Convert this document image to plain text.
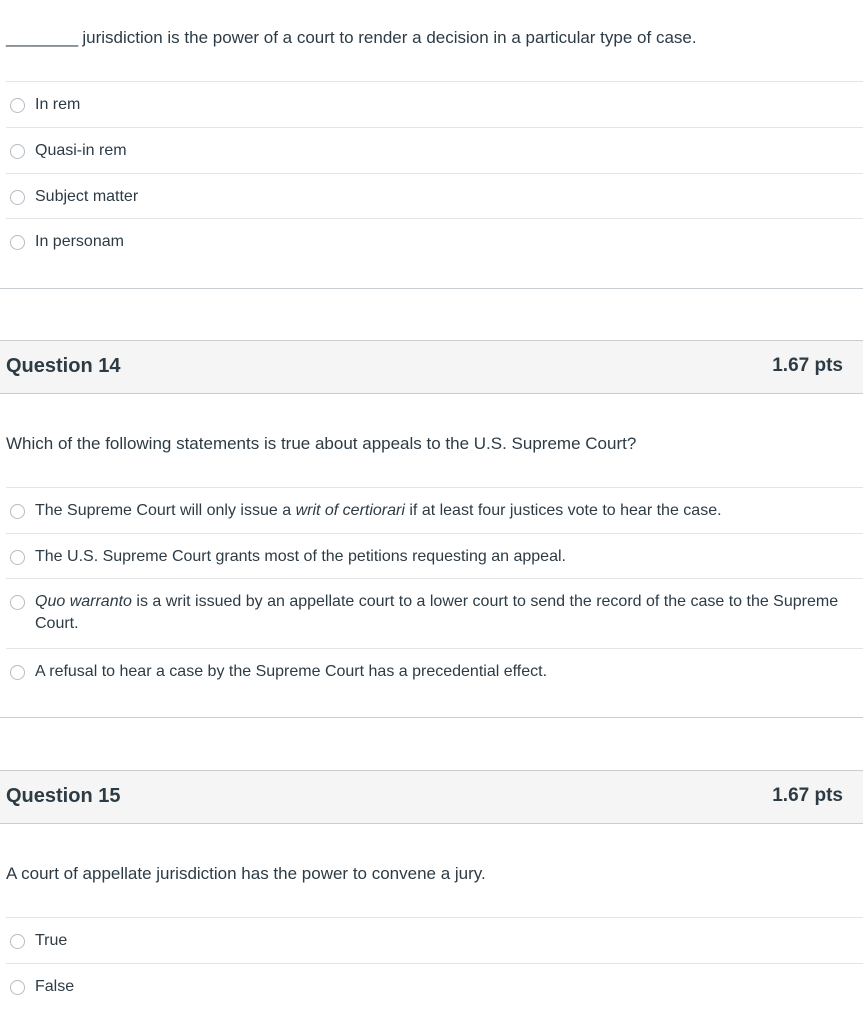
________ jurisdiction is the power of a court to render a decision in a particular type of case.
In rem
Quasi-in rem
Subject matter
In personam
Question 14	1.67 pts
Which of the following statements is true about appeals to the U.S. Supreme Court?
The Supreme Court will only issue a writ of certiorari if at least four justices vote to hear the case.
The U.S. Supreme Court grants most of the petitions requesting an appeal.
Quo warranto is a writ issued by an appellate court to a lower court to send the record of the case to the Supreme Court.
A refusal to hear a case by the Supreme Court has a precedential effect.
Question 15	1.67 pts
A court of appellate jurisdiction has the power to convene a jury.
True
False
